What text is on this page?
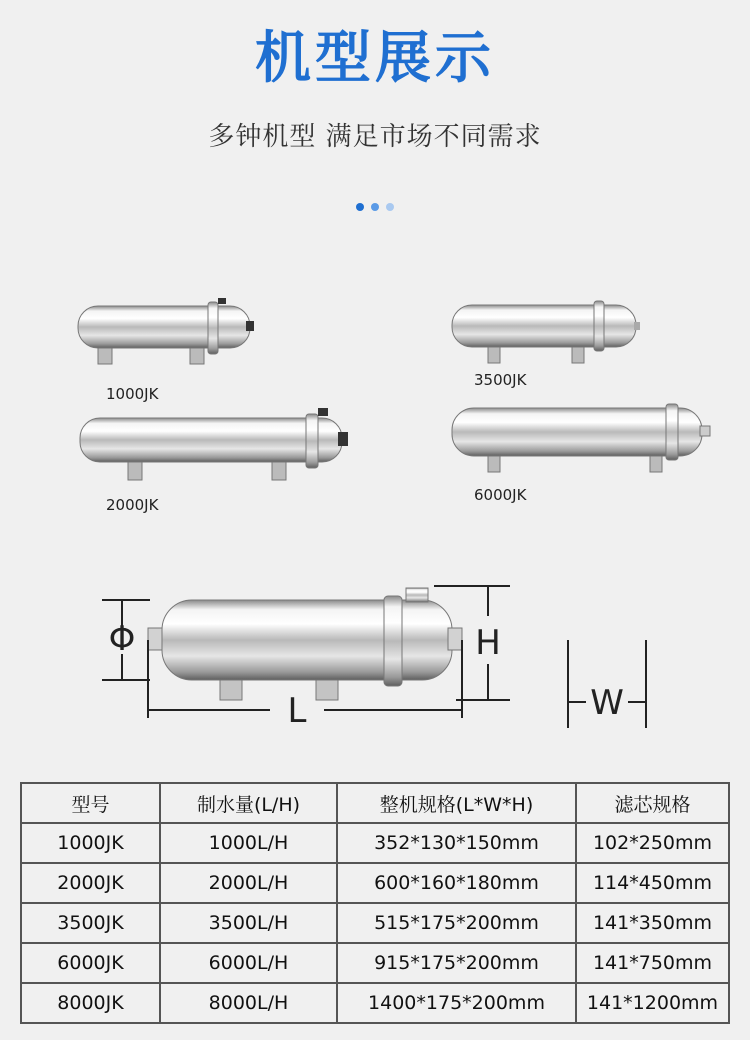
机型展示
多钟机型 满足市场不同需求
1000JK
3500JK
2000JK
6000JK
Φ
L
H
W
型号	制水量(L/H)	整机规格(L*W*H)	滤芯规格
1000JK	1000L/H	352*130*150mm	102*250mm
2000JK	2000L/H	600*160*180mm	114*450mm
3500JK	3500L/H	515*175*200mm	141*350mm
6000JK	6000L/H	915*175*200mm	141*750mm
8000JK	8000L/H	1400*175*200mm	141*1200mm
